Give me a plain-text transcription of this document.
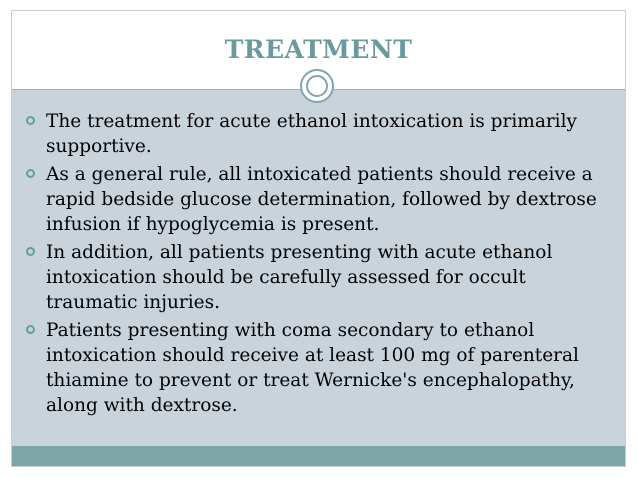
TREATMENT
The treatment for acute ethanol intoxication is primarily supportive.
As a general rule, all intoxicated patients should receive a rapid bedside glucose determination, followed by dextrose infusion if hypoglycemia is present.
In addition, all patients presenting with acute ethanol intoxication should be carefully assessed for occult traumatic injuries.
Patients presenting with coma secondary to ethanol intoxication should receive at least 100 mg of parenteral thiamine to prevent or treat Wernicke's encephalopathy, along with dextrose.
